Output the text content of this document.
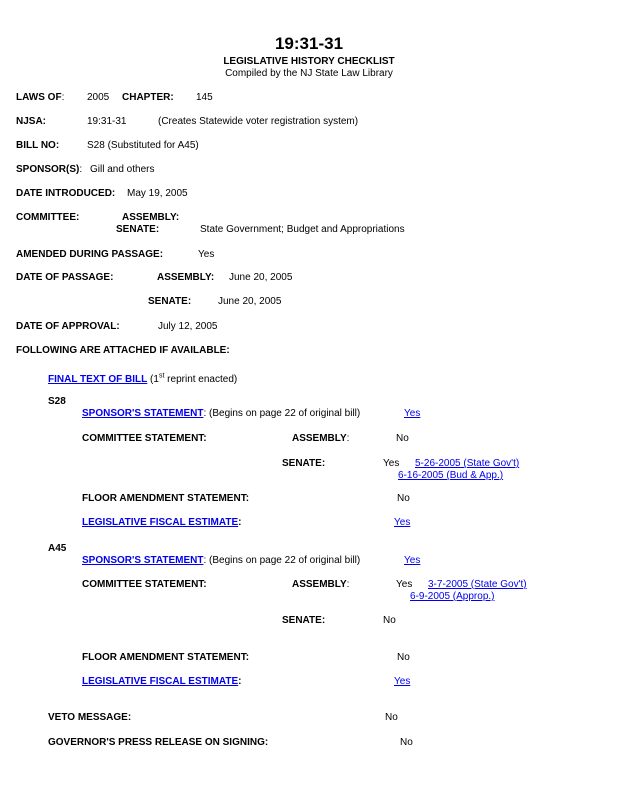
19:31-31
LEGISLATIVE HISTORY CHECKLIST
Compiled by the NJ State Law Library
LAWS OF: 2005 CHAPTER: 145
NJSA:	19:31-31	(Creates Statewide voter registration system)
BILL NO:	S28 (Substituted for A45)
SPONSOR(S): Gill and others
DATE INTRODUCED: May 19, 2005
COMMITTEE:	ASSEMBLY:
SENATE:	State Government; Budget and Appropriations
AMENDED DURING PASSAGE:	Yes
DATE OF PASSAGE:	ASSEMBLY: June 20, 2005
SENATE:	June 20, 2005
DATE OF APPROVAL:	July 12, 2005
FOLLOWING ARE ATTACHED IF AVAILABLE:
FINAL TEXT OF BILL (1st reprint enacted)
S28
SPONSOR'S STATEMENT: (Begins on page 22 of original bill)	Yes
COMMITTEE STATEMENT:	ASSEMBLY:	No
SENATE:	Yes 5-26-2005 (State Gov't)
6-16-2005 (Bud & App.)
FLOOR AMENDMENT STATEMENT:	No
LEGISLATIVE FISCAL ESTIMATE:	Yes
A45
SPONSOR'S STATEMENT: (Begins on page 22 of original bill)	Yes
COMMITTEE STATEMENT:	ASSEMBLY:	Yes 3-7-2005 (State Gov't)
6-9-2005 (Approp.)
SENATE:	No
FLOOR AMENDMENT STATEMENT:	No
LEGISLATIVE FISCAL ESTIMATE:	Yes
VETO MESSAGE:	No
GOVERNOR'S PRESS RELEASE ON SIGNING:	No
